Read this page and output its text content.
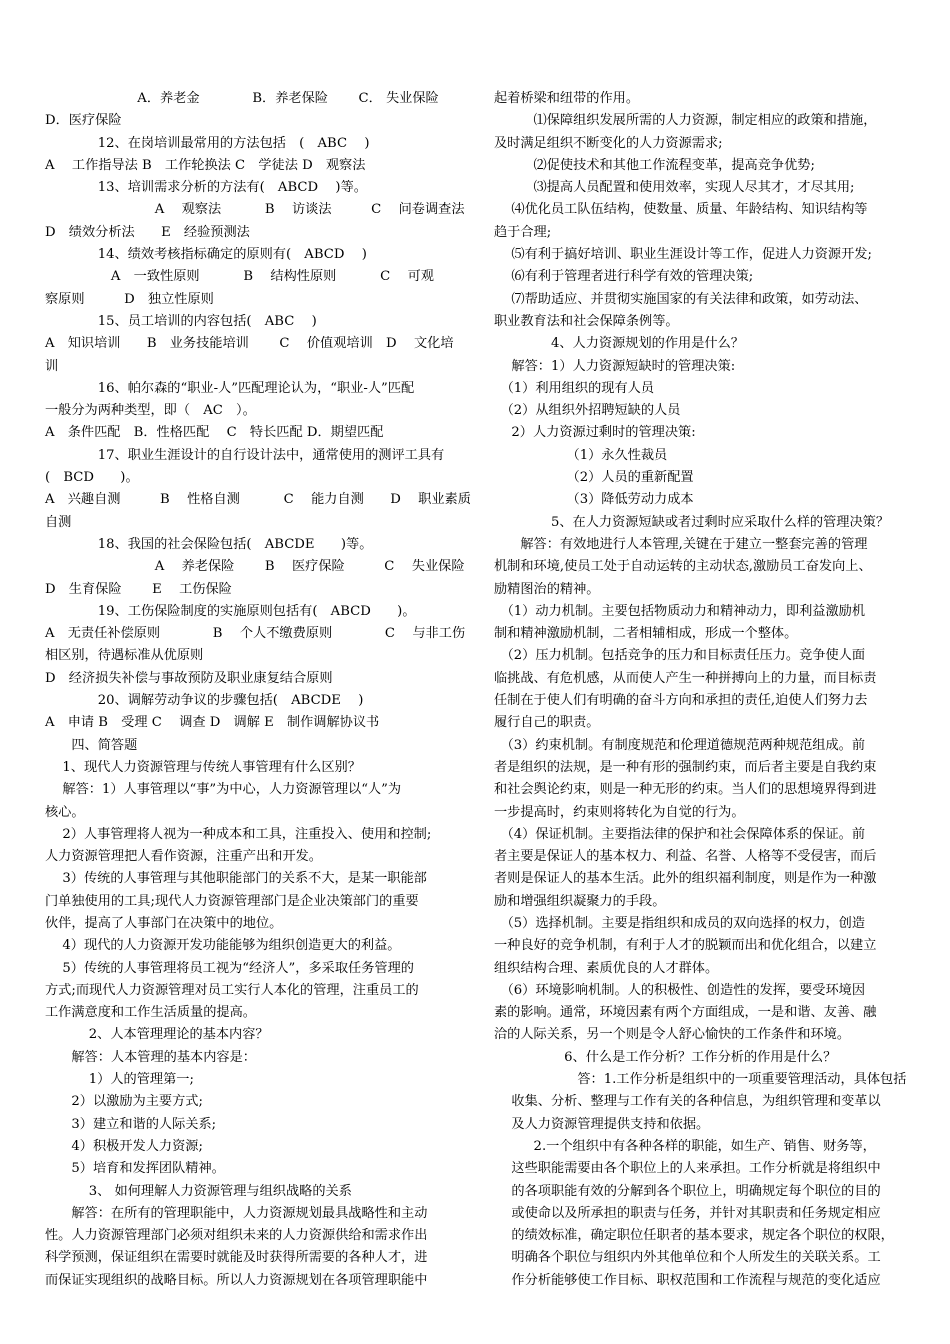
　　　　　　　A．养老金　　　　B．养老保险　　 C． 失业保险
D．医疗保险
　　　　12、在岗培训最常用的方法包括　(　ABC　 )
A　 工作指导法 B　工作轮换法 C　学徒法 D　观察法
　　　　13、培训需求分析的方法有(　ABCD　 )等。
　　　　　　　　 A　 观察法　　　 B　 访谈法　　　C　 问卷调查法
D　绩效分析法　　E　经验预测法
　　　　14、绩效考核指标确定的原则有(　ABCD　 )
　　　　　A　一致性原则　　　 B　 结构性原则　　　 C　 可观
察原则　　　D　独立性原则
　　　　15、员工培训的内容包括(　ABC　 )
A　知识培训　　B　业务技能培训　　 C　 价值观培训　D　 文化培
训
　　　　16、帕尔森的“职业-人”匹配理论认为，“职业-人”匹配
一般分为两种类型，即（　AC　）。
A　条件匹配　B．性格匹配　 C　特长匹配 D．期望匹配
　　　　17、职业生涯设计的自行设计法中，通常使用的测评工具有
(　BCD　　)。
A　兴趣自测　　　B　 性格自测　　　 C　 能力自测　　D　 职业素质
自测
　　　　18、我国的社会保险包括(　ABCDE　　)等。
　　　　　　　　 A　 养老保险　　 B　 医疗保险　　　C　 失业保险
D　生育保险　　 E　 工伤保险
　　　　19、工伤保险制度的实施原则包括有(　ABCD　　)。
A　无责任补偿原则　　　　B　 个人不缴费原则　　　　C　 与非工伤
相区别，待遇标准从优原则
D　经济损失补偿与事故预防及职业康复结合原则
　　　　20、调解劳动争议的步骤包括(　ABCDE　 )
A　申请 B　受理 C　 调查 D　调解 E　制作调解协议书
　　四、简答题
　 1、现代人力资源管理与传统人事管理有什么区别？
　 解答：1）人事管理以“事”为中心，人力资源管理以“人”为
核心。
　 2）人事管理将人视为一种成本和工具，注重投入、使用和控制;
人力资源管理把人看作资源，注重产出和开发。
　 3）传统的人事管理与其他职能部门的关系不大，是某一职能部
门单独使用的工具;现代人力资源管理部门是企业决策部门的重要
伙伴，提高了人事部门在决策中的地位。
　 4）现代的人力资源开发功能能够为组织创造更大的利益。
　 5）传统的人事管理将员工视为“经济人”，多采取任务管理的
方式;而现代人力资源管理对员工实行人本化的管理，注重员工的
工作满意度和工作生活质量的提高。
　　　 2、人本管理理论的基本内容？
　　解答：人本管理的基本内容是：
　　　 1）人的管理第一;
　　2）以激励为主要方式;
　　3）建立和谐的人际关系;
　　4）积极开发人力资源;
　　5）培育和发挥团队精神。
　　　 3、 如何理解人力资源管理与组织战略的关系
　　解答：在所有的管理职能中，人力资源规划最具战略性和主动
性。人力资源管理部门必须对组织未来的人力资源供给和需求作出
科学预测，保证组织在需要时就能及时获得所需要的各种人才，进
而保证实现组织的战略目标。所以人力资源规划在各项管理职能中
起着桥梁和纽带的作用。
　　　⑴保障组织发展所需的人力资源，制定相应的政策和措施，
及时满足组织不断变化的人力资源需求;
　　　⑵促使技术和其他工作流程变革，提高竞争优势;
　　　⑶提高人员配置和使用效率，实现人尽其才，才尽其用;
　 ⑷优化员工队伍结构，使数量、质量、年龄结构、知识结构等
趋于合理;
　 ⑸有利于搞好培训、职业生涯设计等工作，促进人力资源开发;
　 ⑹有利于管理者进行科学有效的管理决策;
　 ⑺帮助适应、并贯彻实施国家的有关法律和政策，如劳动法、
职业教育法和社会保障条例等。
　　　　 4、人力资源规划的作用是什么？
　 解答：1）人力资源短缺时的管理决策:
　（1）利用组织的现有人员
　（2）从组织外招聘短缺的人员
　 2）人力资源过剩时的管理决策:
　　　　　　（1）永久性裁员
　　　　　　（2）人员的重新配置
　　　　　　（3）降低劳动力成本
　　　　 5、在人力资源短缺或者过剩时应采取什么样的管理决策？
　　解答：有效地进行人本管理,关键在于建立一整套完善的管理
机制和环境,使员工处于自动运转的主动状态,激励员工奋发向上、
励精图治的精神。
　（1）动力机制。主要包括物质动力和精神动力，即利益激励机
制和精神激励机制，二者相辅相成，形成一个整体。
　（2）压力机制。包括竞争的压力和目标责任压力。竞争使人面
临挑战、有危机感，从而使人产生一种拼搏向上的力量，而目标责
任制在于使人们有明确的奋斗方向和承担的责任,迫使人们努力去
履行自己的职责。
　（3）约束机制。有制度规范和伦理道德规范两种规范组成。前
者是组织的法规，是一种有形的强制约束，而后者主要是自我约束
和社会舆论约束，则是一种无形的约束。当人们的思想境界得到进
一步提高时，约束则将转化为自觉的行为。
　（4）保证机制。主要指法律的保护和社会保障体系的保证。前
者主要是保证人的基本权力、利益、名誉、人格等不受侵害，而后
者则是保证人的基本生活。此外的组织福利制度，则是作为一种激
励和增强组织凝聚力的手段。
　（5）选择机制。主要是指组织和成员的双向选择的权力，创造
一种良好的竞争机制，有利于人才的脱颖而出和优化组合，以建立
组织结构合理、素质优良的人才群体。
　（6）环境影响机制。人的积极性、创造性的发挥，要受环境因
素的影响。通常，环境因素有两个方面组成，一是和谐、友善、融
洽的人际关系，另一个则是令人舒心愉快的工作条件和环境。
　　　　　 6、什么是工作分析？工作分析的作用是什么？
　　　　　　 答：1.工作分析是组织中的一项重要管理活动，具体包括
　 收集、分析、整理与工作有关的各种信息，为组织管理和变革以
　 及人力资源管理提供支持和依据。
　　　2.一个组织中有各种各样的职能，如生产、销售、财务等，
　 这些职能需要由各个职位上的人来承担。工作分析就是将组织中
　 的各项职能有效的分解到各个职位上，明确规定每个职位的目的
　 或使命以及所承担的职责与任务，并针对其职责和任务规定相应
　 的绩效标准，确定职位任职者的基本要求，规定各个职位的权限，
　 明确各个职位与组织内外其他单位和个人所发生的关联关系。工
　 作分析能够使工作目标、职权范围和工作流程与规范的变化适应
